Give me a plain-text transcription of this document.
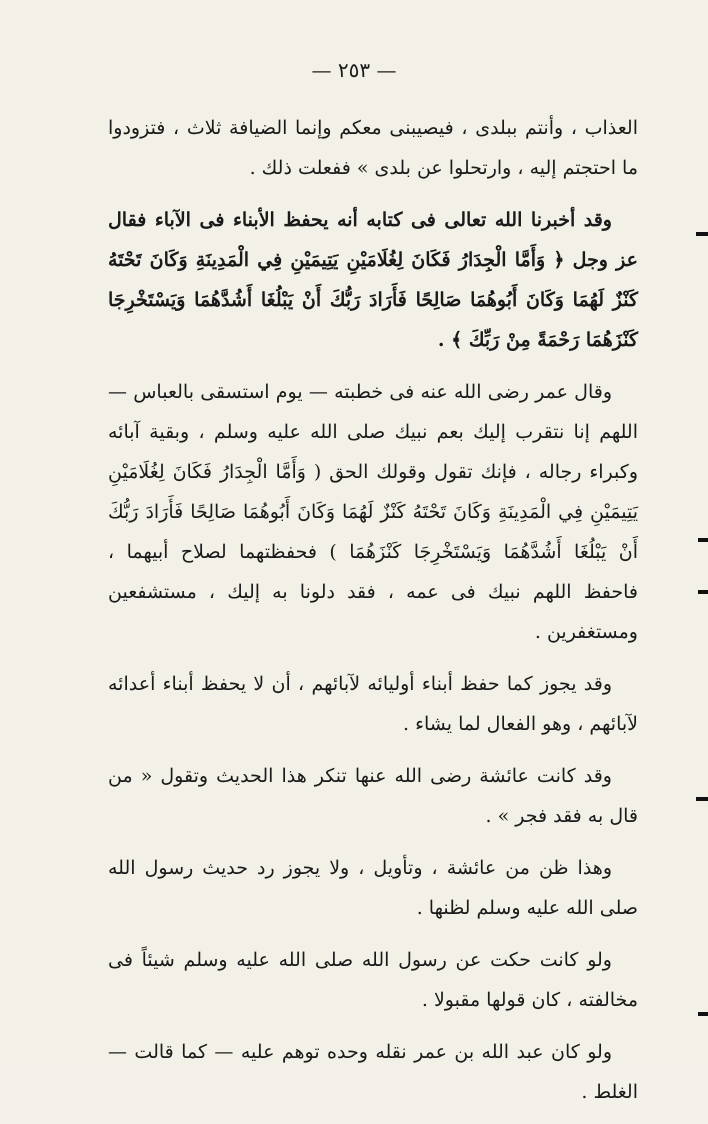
— ٢٥٣ —

العذاب ، وأنتم ببلدى ، فيصيبنى معكم وإنما الضيافة ثلاث ، فتزودوا ما احتجتم إليه ، وارتحلوا عن بلدى » ففعلت ذلك .

وقد أخبرنا الله تعالى فى كتابه أنه يحفظ الأبناء فى الآباء فقال عز وجل ﴿ وَأَمَّا الْجِدَارُ فَكَانَ لِغُلَامَيْنِ يَتِيمَيْنِ فِي الْمَدِينَةِ وَكَانَ تَحْتَهُ كَنْزٌ لَهُمَا وَكَانَ أَبُوهُمَا صَالِحًا فَأَرَادَ رَبُّكَ أَنْ يَبْلُغَا أَشُدَّهُمَا وَيَسْتَخْرِجَا كَنْزَهُمَا رَحْمَةً مِنْ رَبِّكَ ﴾ .

وقال عمر رضى الله عنه فى خطبته — يوم استسقى بالعباس — اللهم إنا نتقرب إليك بعم نبيك صلى الله عليه وسلم ، وبقية آبائه وكبراء رجاله ، فإنك تقول وقولك الحق ( وَأَمَّا الْجِدَارُ فَكَانَ لِغُلَامَيْنِ يَتِيمَيْنِ فِي الْمَدِينَةِ وَكَانَ تَحْتَهُ كَنْزٌ لَهُمَا وَكَانَ أَبُوهُمَا صَالِحًا فَأَرَادَ رَبُّكَ أَنْ يَبْلُغَا أَشُدَّهُمَا وَيَسْتَخْرِجَا كَنْزَهُمَا ) فحفظتهما لصلاح أبيهما ، فاحفظ اللهم نبيك فى عمه ، فقد دلونا به إليك ، مستشفعين ومستغفرين .

وقد يجوز كما حفظ أبناء أوليائه لآبائهم ، أن لا يحفظ أبناء أعدائه لآبائهم ، وهو الفعال لما يشاء .

وقد كانت عائشة رضى الله عنها تنكر هذا الحديث وتقول « من قال به فقد فجر » .

وهذا ظن من عائشة ، وتأويل ، ولا يجوز رد حديث رسول الله صلى الله عليه وسلم لظنها .

ولو كانت حكت عن رسول الله صلى الله عليه وسلم شيئاً فى مخالفته ، كان قولها مقبولا .

ولو كان عبد الله بن عمر نقله وحده توهم عليه — كما قالت — الغلط .
